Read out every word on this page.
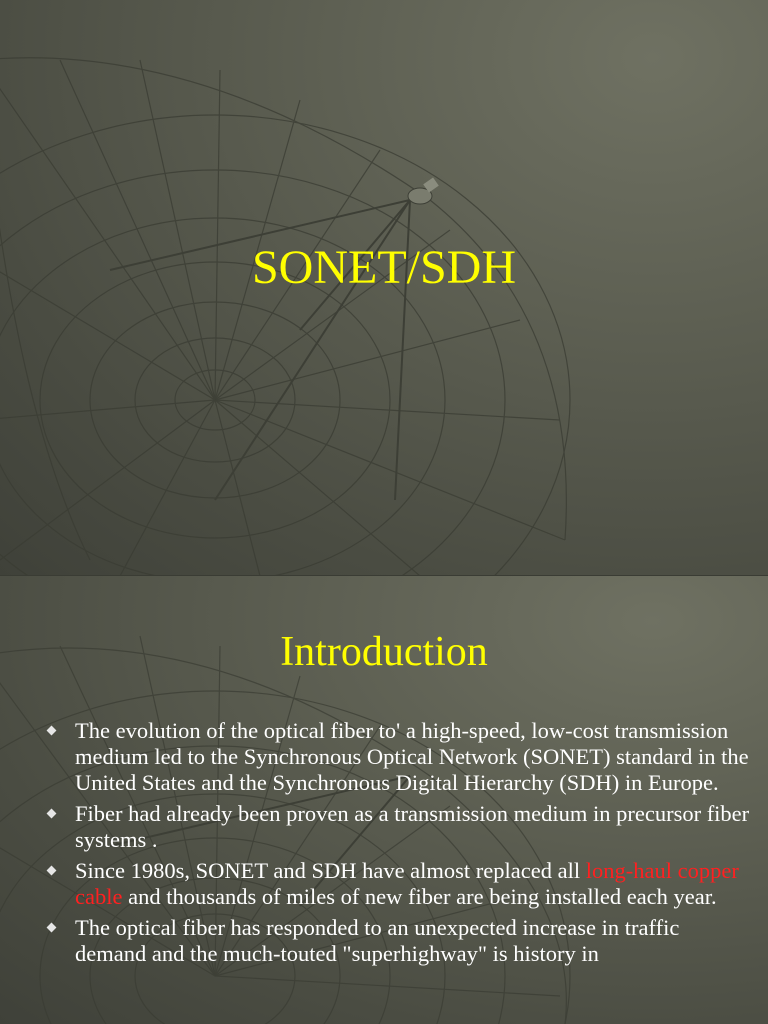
SONET/SDH
Introduction
The evolution of the optical fiber to' a high-speed, low-cost transmission medium led to the Synchronous Optical Network (SONET) standard in the United States and the Synchronous Digital Hierarchy (SDH) in Europe.
Fiber had already been proven as a transmission medium in precursor fiber systems .
Since 1980s, SONET and SDH have almost replaced all long-haul copper cable and thousands of miles of new fiber are being installed each year.
The optical fiber has responded to an unexpected increase in traffic demand and the much-touted "superhighway" is history in
